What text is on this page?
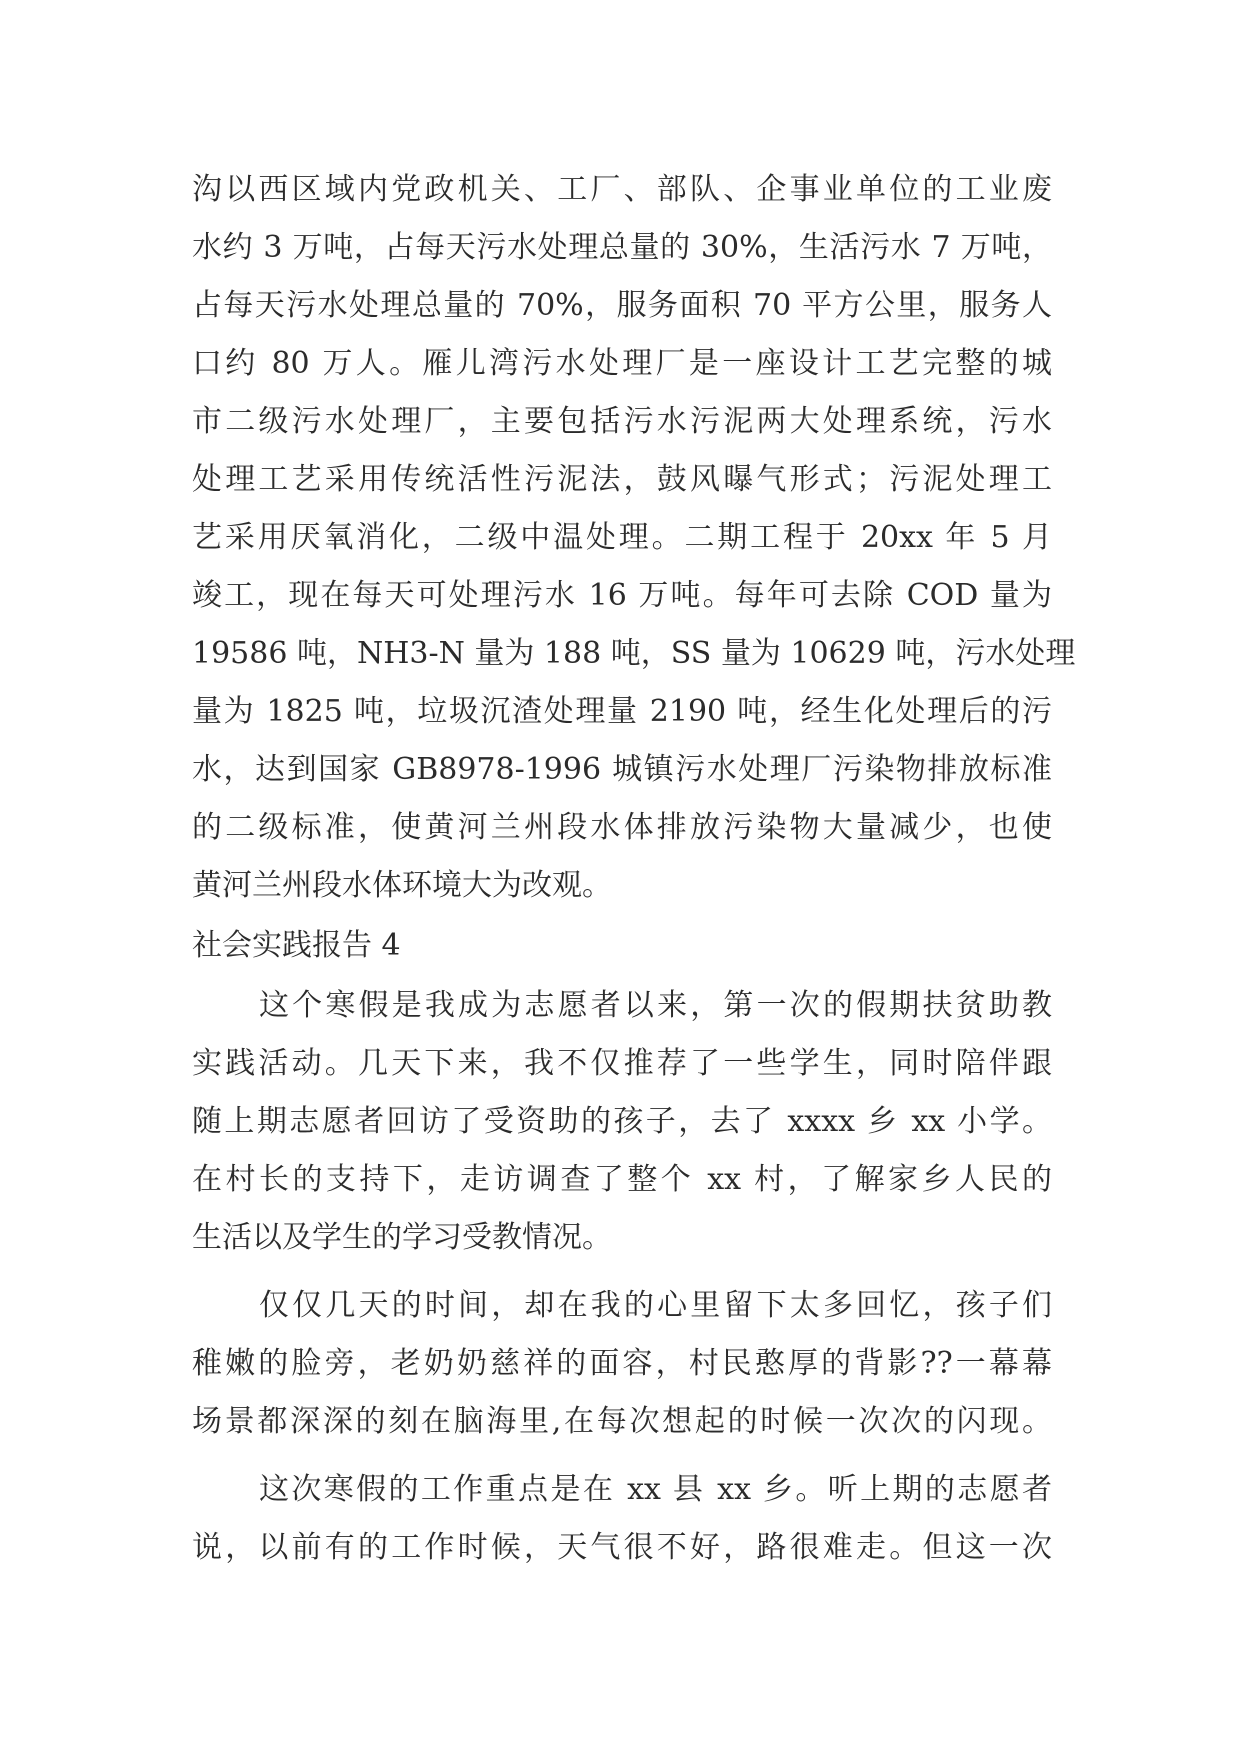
沟以西区域内党政机关、工厂、部队、企事业单位的工业废
水约 3 万吨，占每天污水处理总量的 30%，生活污水 7 万吨，
占每天污水处理总量的 70%，服务面积 70 平方公里，服务人
口约 80 万人。雁儿湾污水处理厂是一座设计工艺完整的城
市二级污水处理厂，主要包括污水污泥两大处理系统，污水
处理工艺采用传统活性污泥法，鼓风曝气形式；污泥处理工
艺采用厌氧消化，二级中温处理。二期工程于 20xx 年 5 月
竣工，现在每天可处理污水 16 万吨。每年可去除 COD 量为
19586 吨，NH3-N 量为 188 吨，SS 量为 10629 吨，污水处理
量为 1825 吨，垃圾沉渣处理量 2190 吨，经生化处理后的污
水，达到国家 GB8978-1996 城镇污水处理厂污染物排放标准
的二级标准，使黄河兰州段水体排放污染物大量减少，也使
黄河兰州段水体环境大为改观。
社会实践报告 4
这个寒假是我成为志愿者以来，第一次的假期扶贫助教
实践活动。几天下来，我不仅推荐了一些学生，同时陪伴跟
随上期志愿者回访了受资助的孩子，去了 xxxx 乡 xx 小学。
在村长的支持下，走访调查了整个 xx 村，了解家乡人民的
生活以及学生的学习受教情况。
仅仅几天的时间，却在我的心里留下太多回忆，孩子们
稚嫩的脸旁，老奶奶慈祥的面容，村民憨厚的背影??一幕幕
场景都深深的刻在脑海里,在每次想起的时候一次次的闪现。
这次寒假的工作重点是在 xx 县 xx 乡。听上期的志愿者
说，以前有的工作时候，天气很不好，路很难走。但这一次
